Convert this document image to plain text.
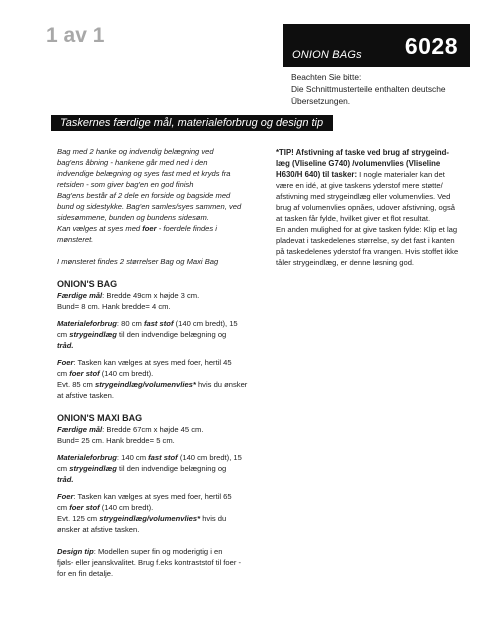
1 av 1
ONION BAGs 6028

Beachten Sie bitte:

Die Schnittmusterteile enthalten deutsche

Übersetzungen.

Taskernes færdige mål, materialeforbrug og design tip

Bag med 2 hanke og indvendig belægning ved

bag'ens åbning - hankene går med ned i den

indvendige belægning og syes fast med et kryds fra

retsiden - som giver bag'en en god finish

Bag'ens består af 2 dele en forside og bagside med

bund og sidestykke. Bag'en samles/syes sammen, ved

sidesømmene, bunden og bundens sidesøm.

Kan vælges at syes med foer - foerdele findes i

mønsteret.

I mønsteret findes 2 størrelser Bag og Maxi Bag

ONION'S BAG

Færdige mål: Bredde 49cm x højde 3 cm.

Bund= 8 cm. Hank bredde= 4 cm.

Materialeforbrug: 80 cm fast stof (140 cm bredt), 15

cm strygeindlæg til den indvendige belægning og

tråd.

Foer: Tasken kan vælges at syes med foer, hertil 45

cm foer stof (140 cm bredt).

Evt. 85 cm strygeindlæg/volumenvlies* hvis du ønsker

at afstive tasken.

ONION'S MAXI BAG

Færdige mål: Bredde 67cm x højde 45 cm.

Bund= 25 cm. Hank bredde= 5 cm.

Materialeforbrug: 140 cm fast stof (140 cm bredt), 15

cm strygeindlæg til den indvendige belægning og

tråd.

Foer: Tasken kan vælges at syes med foer, hertil 65

cm foer stof (140 cm bredt).

Evt. 125 cm strygeindlæg/volumenvlies* hvis du

ønsker at afstive tasken.

Design tip: Modellen super fin og moderigtig i en

fjøls- eller jeanskvalitet. Brug f.eks kontraststof til foer -

for en fin detalje.

*TIP! Afstivning af taske ved brug af strygeind-

læg (Vliseline G740) /volumenvlies (Vliseline

H630/H 640) til tasker: I nogle materialer kan det

være en idé, at give taskens yderstof mere støtte/

afstivning med strygeindlæg eller volumenvlies. Ved

brug af volumenvlies opnåes, udover afstivning, også

at tasken får fylde, hvilket giver et flot resultat.

En anden mulighed for at give tasken fylde: Klip et lag

pladevat i taskedelenes størrelse, sy det fast i kanten

på taskedelenes yderstof fra vrangen. Hvis stoffet ikke

tåler strygeindlæg, er denne løsning god.
